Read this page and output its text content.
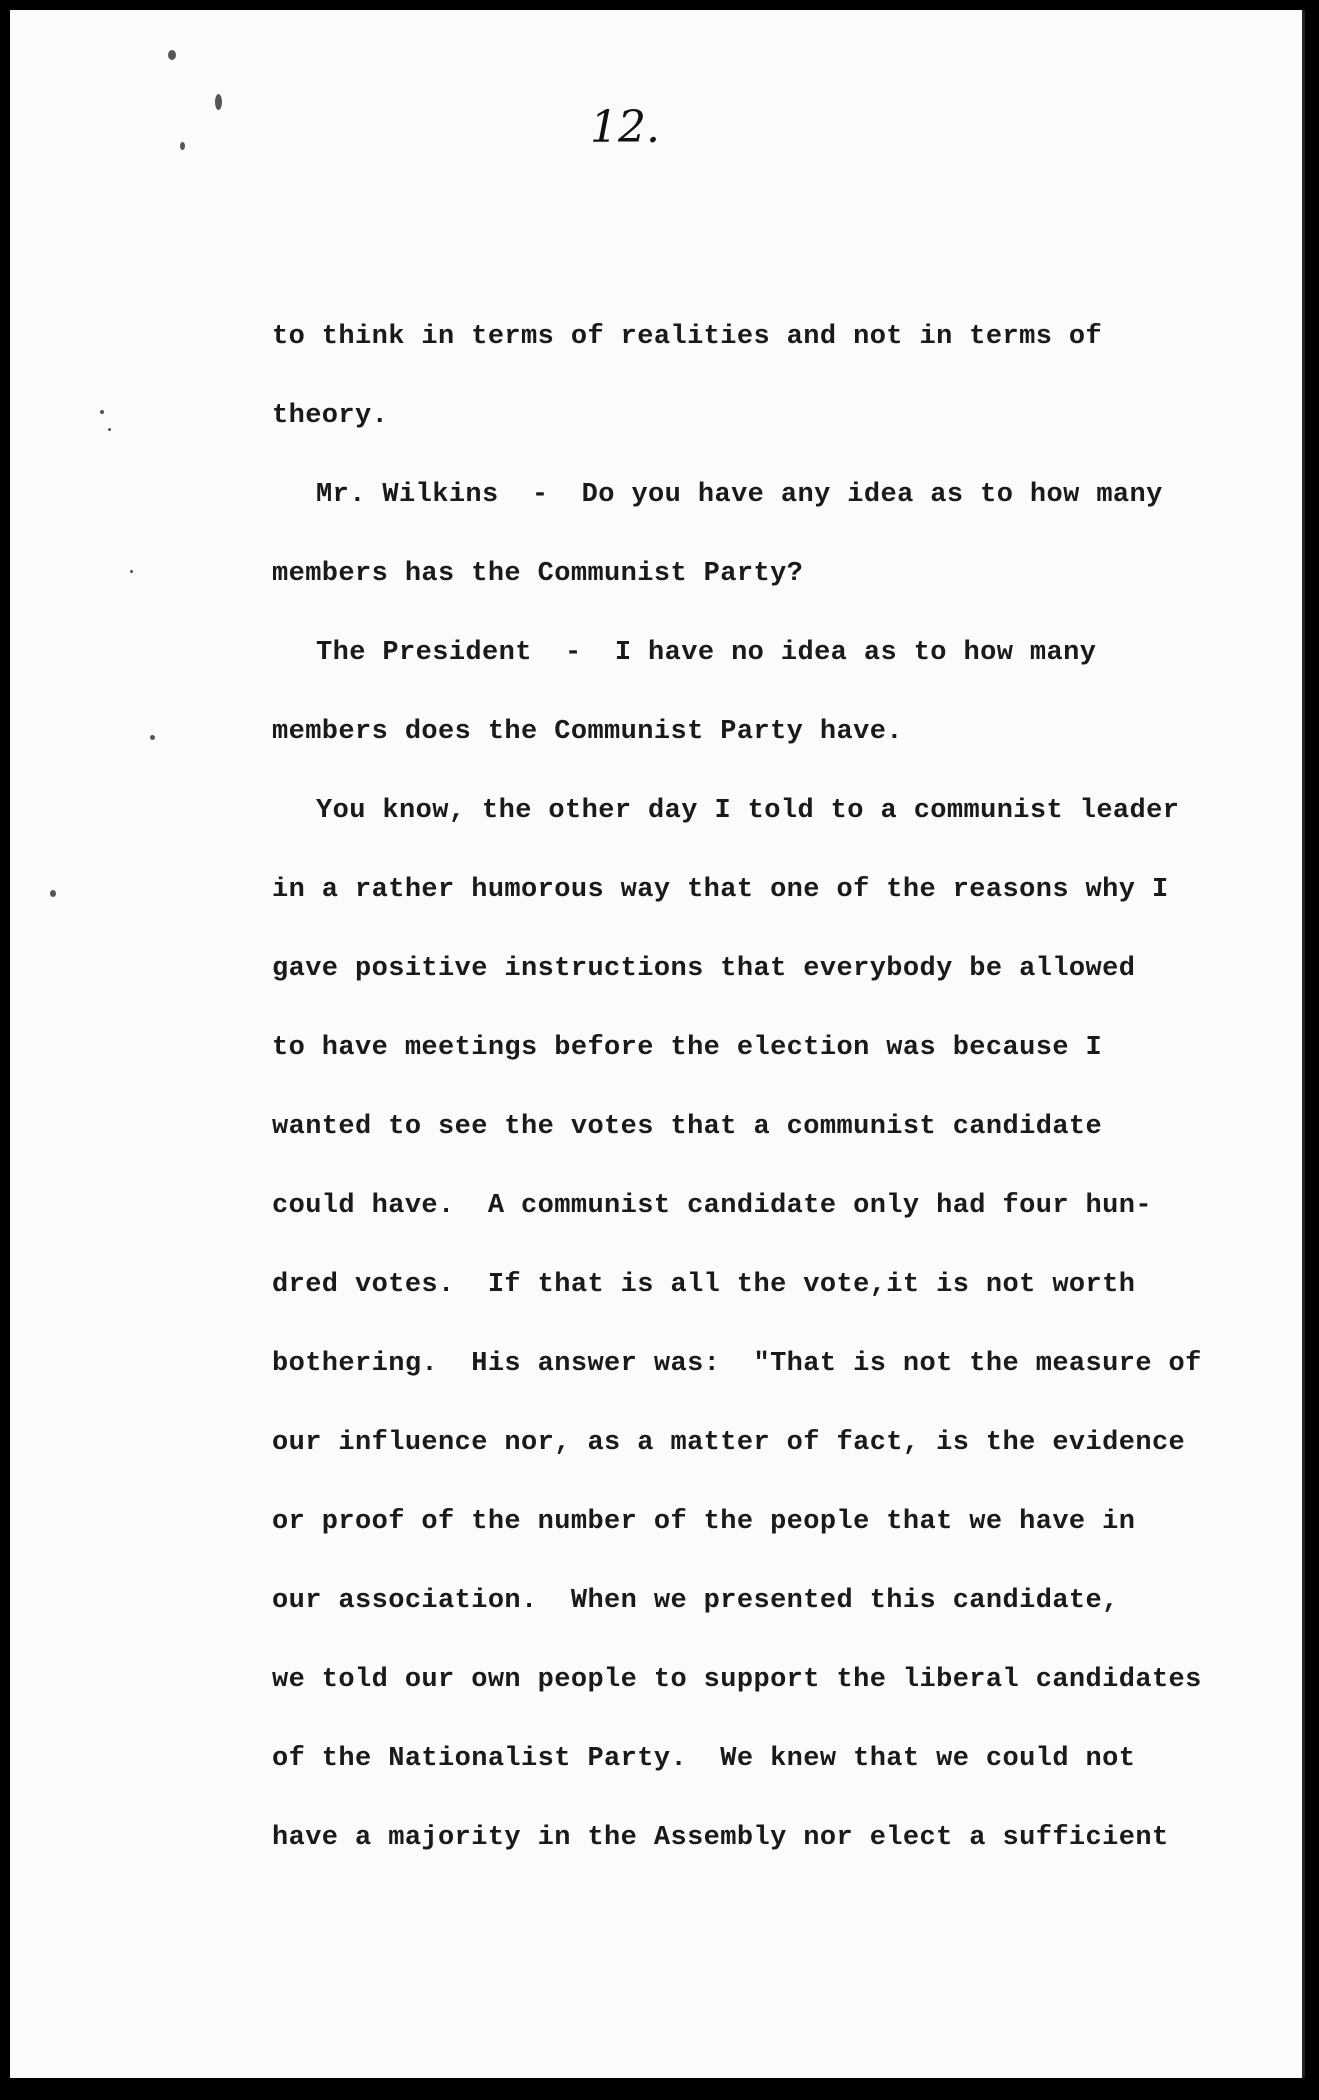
12.
to think in terms of realities and not in terms of
theory.
Mr. Wilkins  -  Do you have any idea as to how many
members has the Communist Party?
The President  -  I have no idea as to how many
members does the Communist Party have.
You know, the other day I told to a communist leader
in a rather humorous way that one of the reasons why I
gave positive instructions that everybody be allowed
to have meetings before the election was because I
wanted to see the votes that a communist candidate
could have.  A communist candidate only had four hun-
dred votes.  If that is all the vote,it is not worth
bothering.  His answer was:  "That is not the measure of
our influence nor, as a matter of fact, is the evidence
or proof of the number of the people that we have in
our association.  When we presented this candidate,
we told our own people to support the liberal candidates
of the Nationalist Party.  We knew that we could not
have a majority in the Assembly nor elect a sufficient
